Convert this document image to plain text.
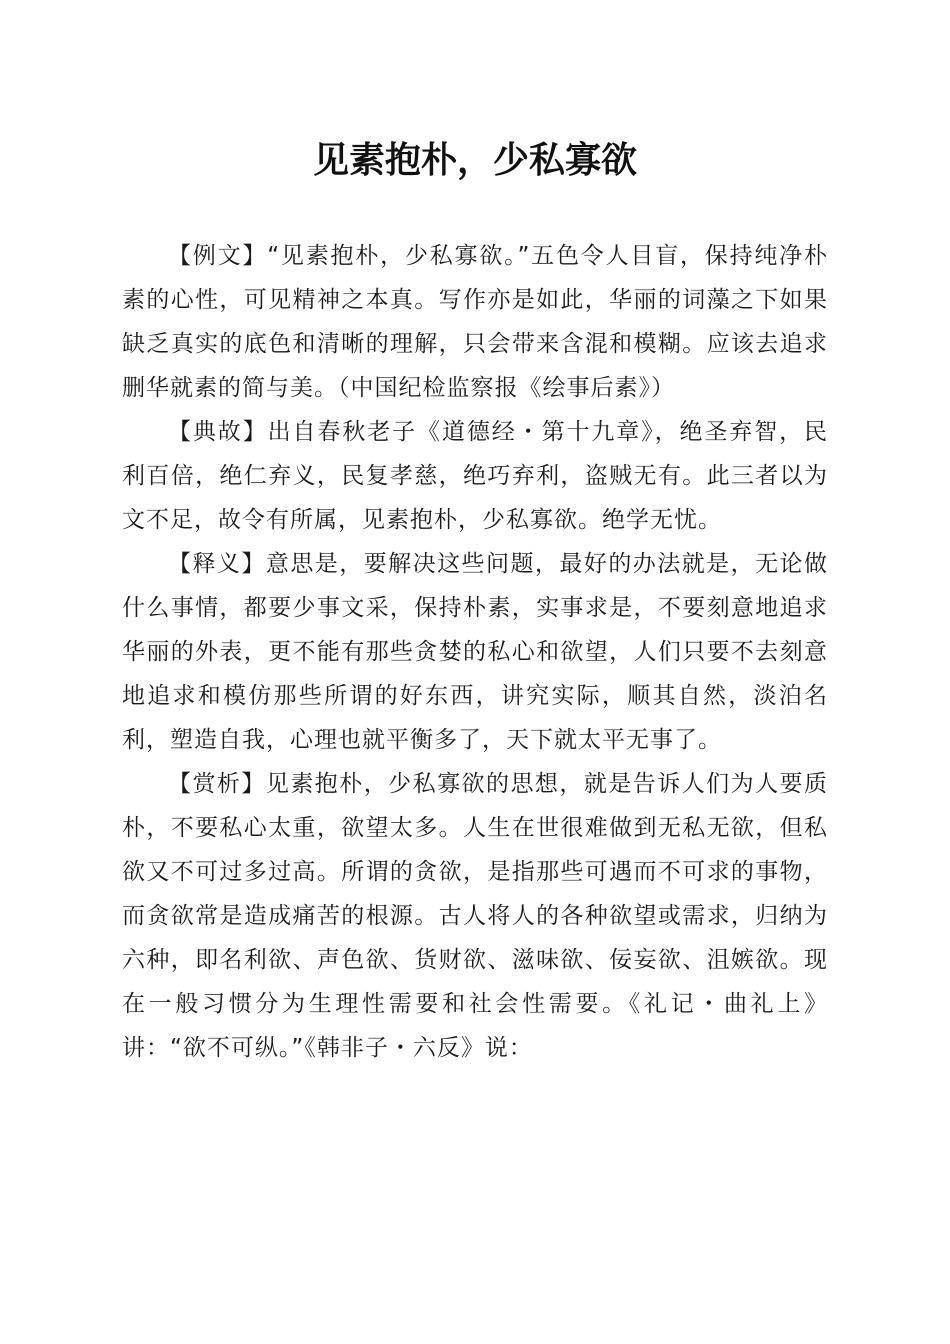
见素抱朴，少私寡欲

【例文】“见素抱朴，少私寡欲。”五色令人目盲，保持纯净朴素的心性，可见精神之本真。写作亦是如此，华丽的词藻之下如果缺乏真实的底色和清晰的理解，只会带来含混和模糊。应该去追求删华就素的简与美。（中国纪检监察报《绘事后素》）

【典故】出自春秋老子《道德经・第十九章》，绝圣弃智，民利百倍，绝仁弃义，民复孝慈，绝巧弃利，盗贼无有。此三者以为文不足，故令有所属，见素抱朴，少私寡欲。绝学无忧。

【释义】意思是，要解决这些问题，最好的办法就是，无论做什么事情，都要少事文采，保持朴素，实事求是，不要刻意地追求华丽的外表，更不能有那些贪婪的私心和欲望，人们只要不去刻意地追求和模仿那些所谓的好东西，讲究实际，顺其自然，淡泊名利，塑造自我，心理也就平衡多了，天下就太平无事了。

【赏析】见素抱朴，少私寡欲的思想，就是告诉人们为人要质朴，不要私心太重，欲望太多。人生在世很难做到无私无欲，但私欲又不可过多过高。所谓的贪欲，是指那些可遇而不可求的事物，而贪欲常是造成痛苦的根源。古人将人的各种欲望或需求，归纳为六种，即名利欲、声色欲、货财欲、滋味欲、佞妄欲、沮嫉欲。现在一般习惯分为生理性需要和社会性需要。《礼记・曲礼上》讲：“欲不可纵。”《韩非子・六反》说：
